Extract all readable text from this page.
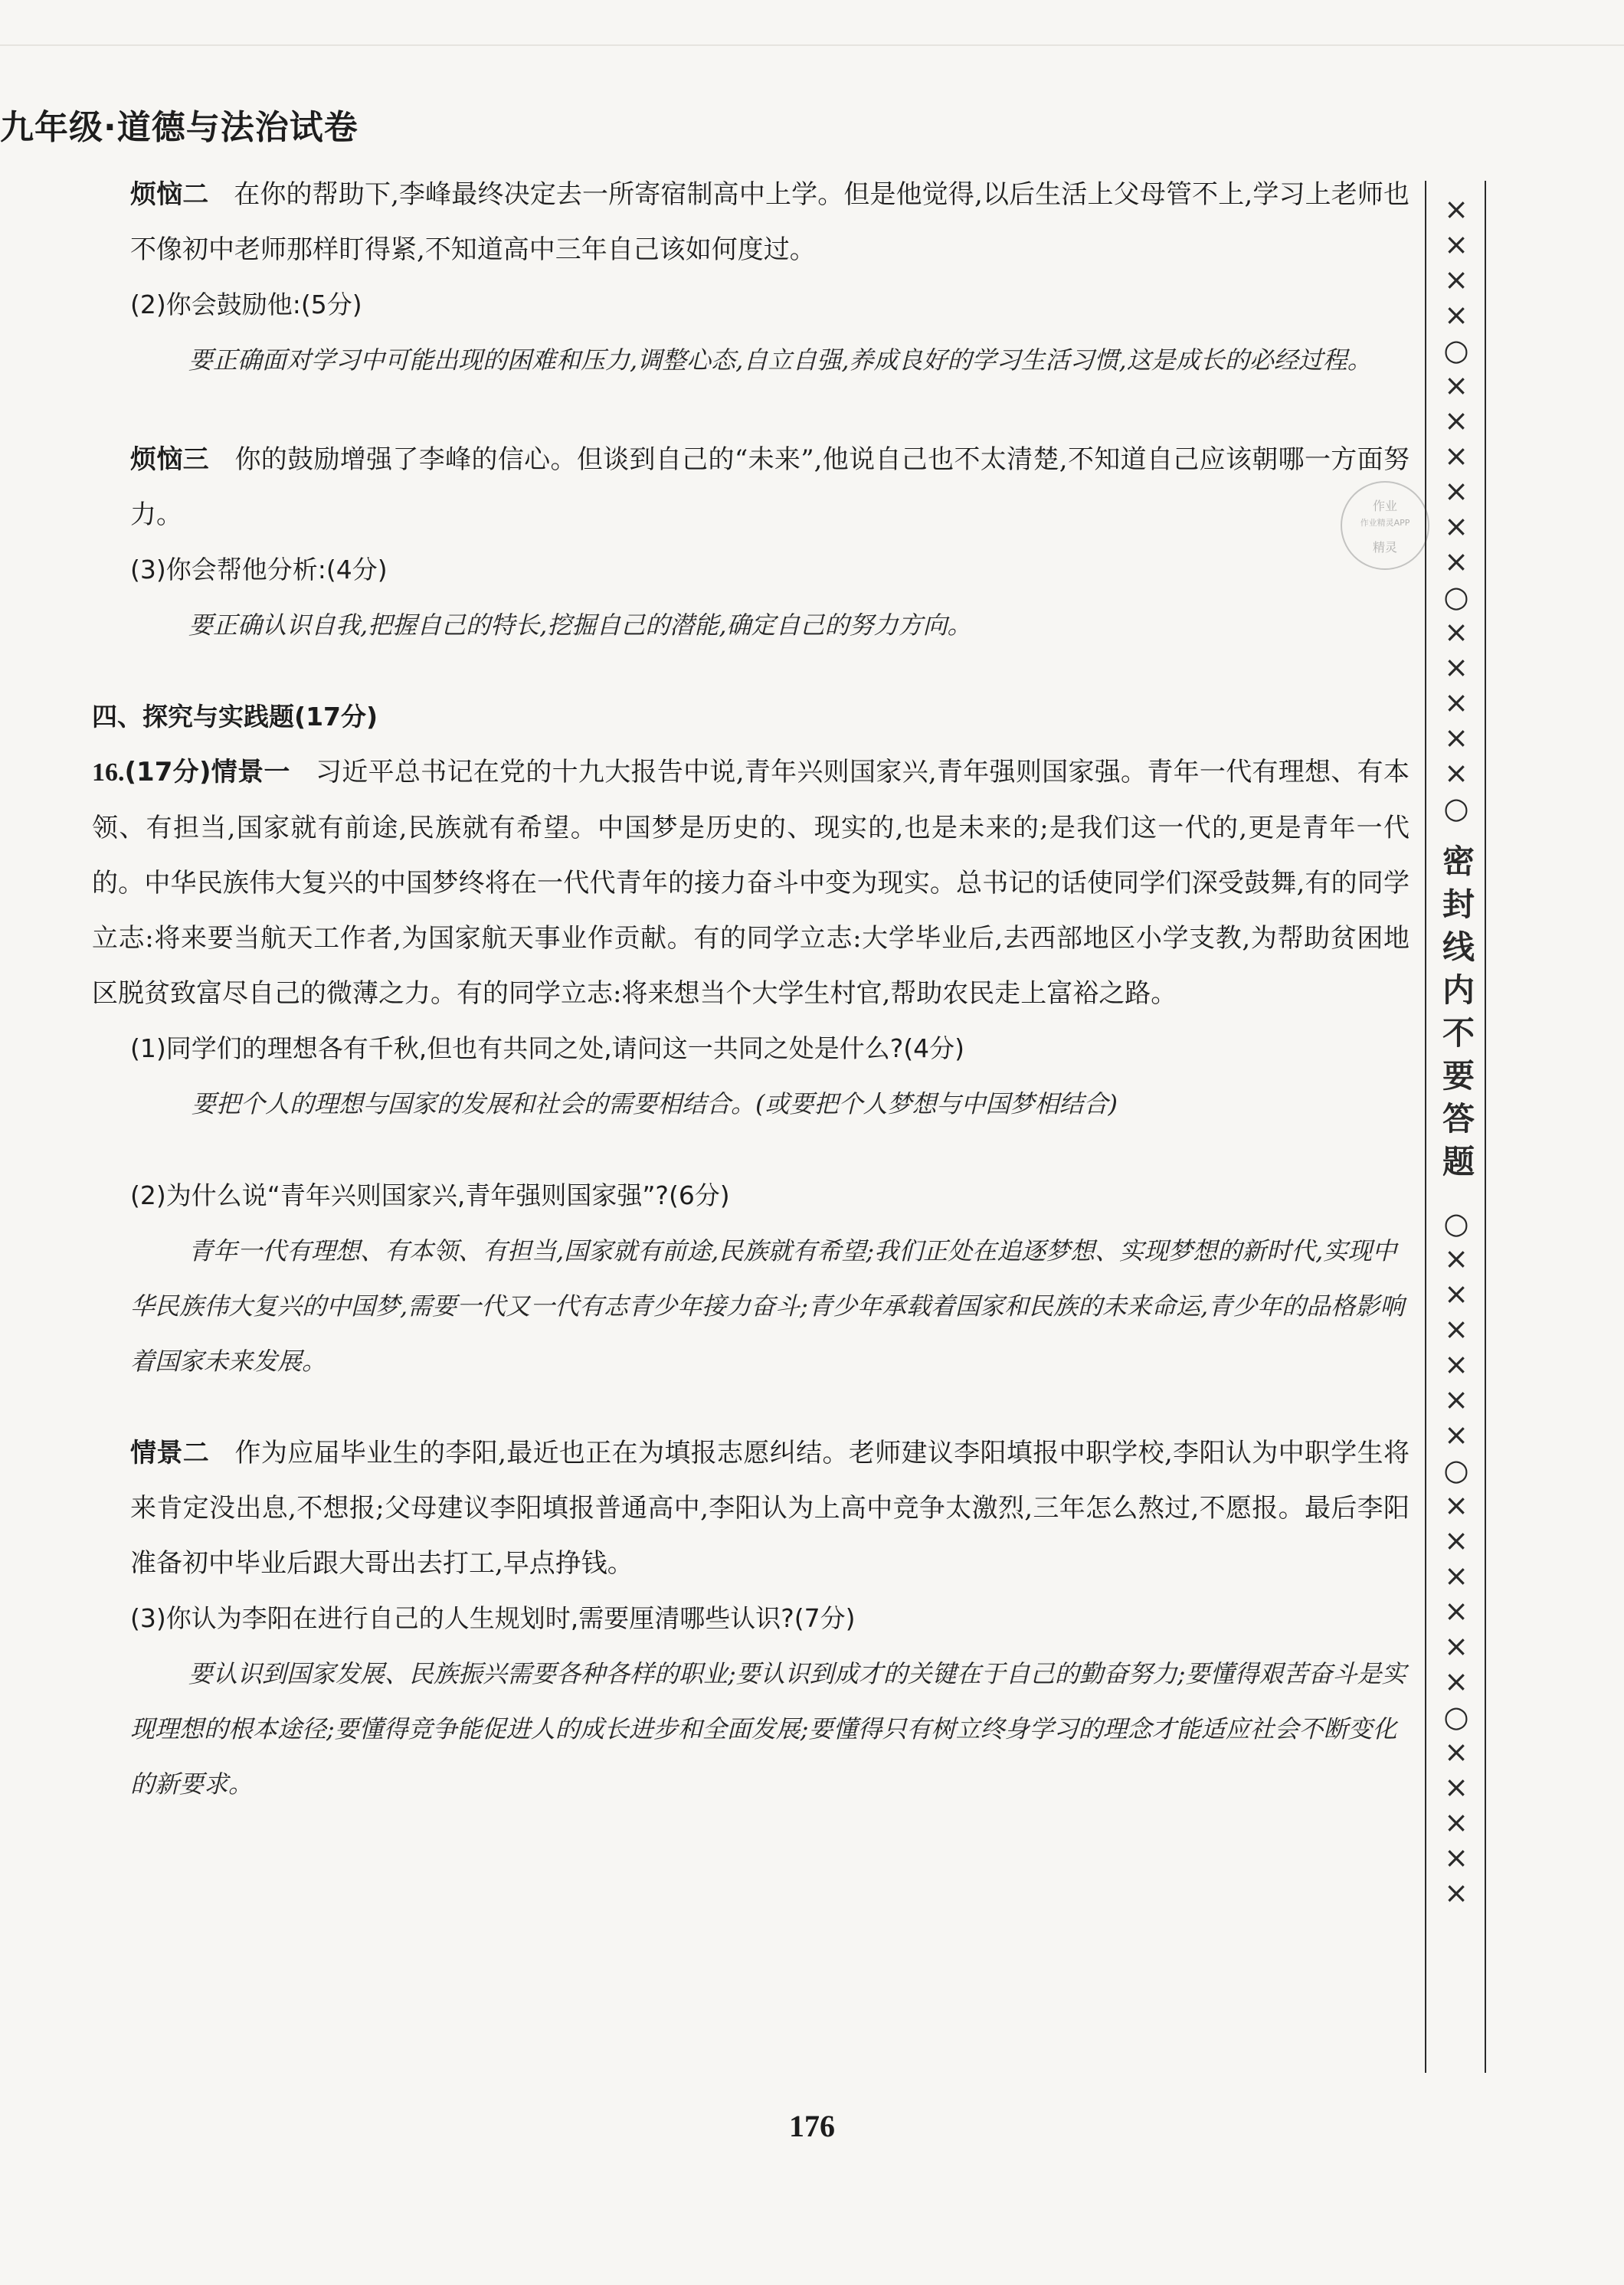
九年级·道德与法治试卷

烦恼二 在你的帮助下,李峰最终决定去一所寄宿制高中上学。但是他觉得,以后生活上父母管不上,学习上老师也不像初中老师那样盯得紧,不知道高中三年自己该如何度过。

(2)你会鼓励他:(5分)

要正确面对学习中可能出现的困难和压力,调整心态,自立自强,养成良好的学习生活习惯,这是成长的必经过程。

烦恼三 你的鼓励增强了李峰的信心。但谈到自己的“未来”,他说自己也不太清楚,不知道自己应该朝哪一方面努力。

(3)你会帮他分析:(4分)

要正确认识自我,把握自己的特长,挖掘自己的潜能,确定自己的努力方向。

四、探究与实践题(17分)

16.(17分)情景一 习近平总书记在党的十九大报告中说,青年兴则国家兴,青年强则国家强。青年一代有理想、有本领、有担当,国家就有前途,民族就有希望。中国梦是历史的、现实的,也是未来的;是我们这一代的,更是青年一代的。中华民族伟大复兴的中国梦终将在一代代青年的接力奋斗中变为现实。总书记的话使同学们深受鼓舞,有的同学立志:将来要当航天工作者,为国家航天事业作贡献。有的同学立志:大学毕业后,去西部地区小学支教,为帮助贫困地区脱贫致富尽自己的微薄之力。有的同学立志:将来想当个大学生村官,帮助农民走上富裕之路。

(1)同学们的理想各有千秋,但也有共同之处,请问这一共同之处是什么?(4分)

要把个人的理想与国家的发展和社会的需要相结合。(或要把个人梦想与中国梦相结合)

(2)为什么说“青年兴则国家兴,青年强则国家强”?(6分)

青年一代有理想、有本领、有担当,国家就有前途,民族就有希望;我们正处在追逐梦想、实现梦想的新时代,实现中华民族伟大复兴的中国梦,需要一代又一代有志青少年接力奋斗;青少年承载着国家和民族的未来命运,青少年的品格影响着国家未来发展。

情景二 作为应届毕业生的李阳,最近也正在为填报志愿纠结。老师建议李阳填报中职学校,李阳认为中职学生将来肯定没出息,不想报;父母建议李阳填报普通高中,李阳认为上高中竞争太激烈,三年怎么熬过,不愿报。最后李阳准备初中毕业后跟大哥出去打工,早点挣钱。

(3)你认为李阳在进行自己的人生规划时,需要厘清哪些认识?(7分)

要认识到国家发展、民族振兴需要各种各样的职业;要认识到成才的关键在于自己的勤奋努力;要懂得艰苦奋斗是实现理想的根本途径;要懂得竞争能促进人的成长进步和全面发展;要懂得只有树立终身学习的理念才能适应社会不断变化的新要求。

作业
作业精灵APP
精灵
×
×
×
×
○
×
×
×
×
×
×
○
×
×
×
×
×
○
密封线内不要答题
○
×
×
×
×
×
×
○
×
×
×
×
×
×
○
×
×
×
×
×
176
